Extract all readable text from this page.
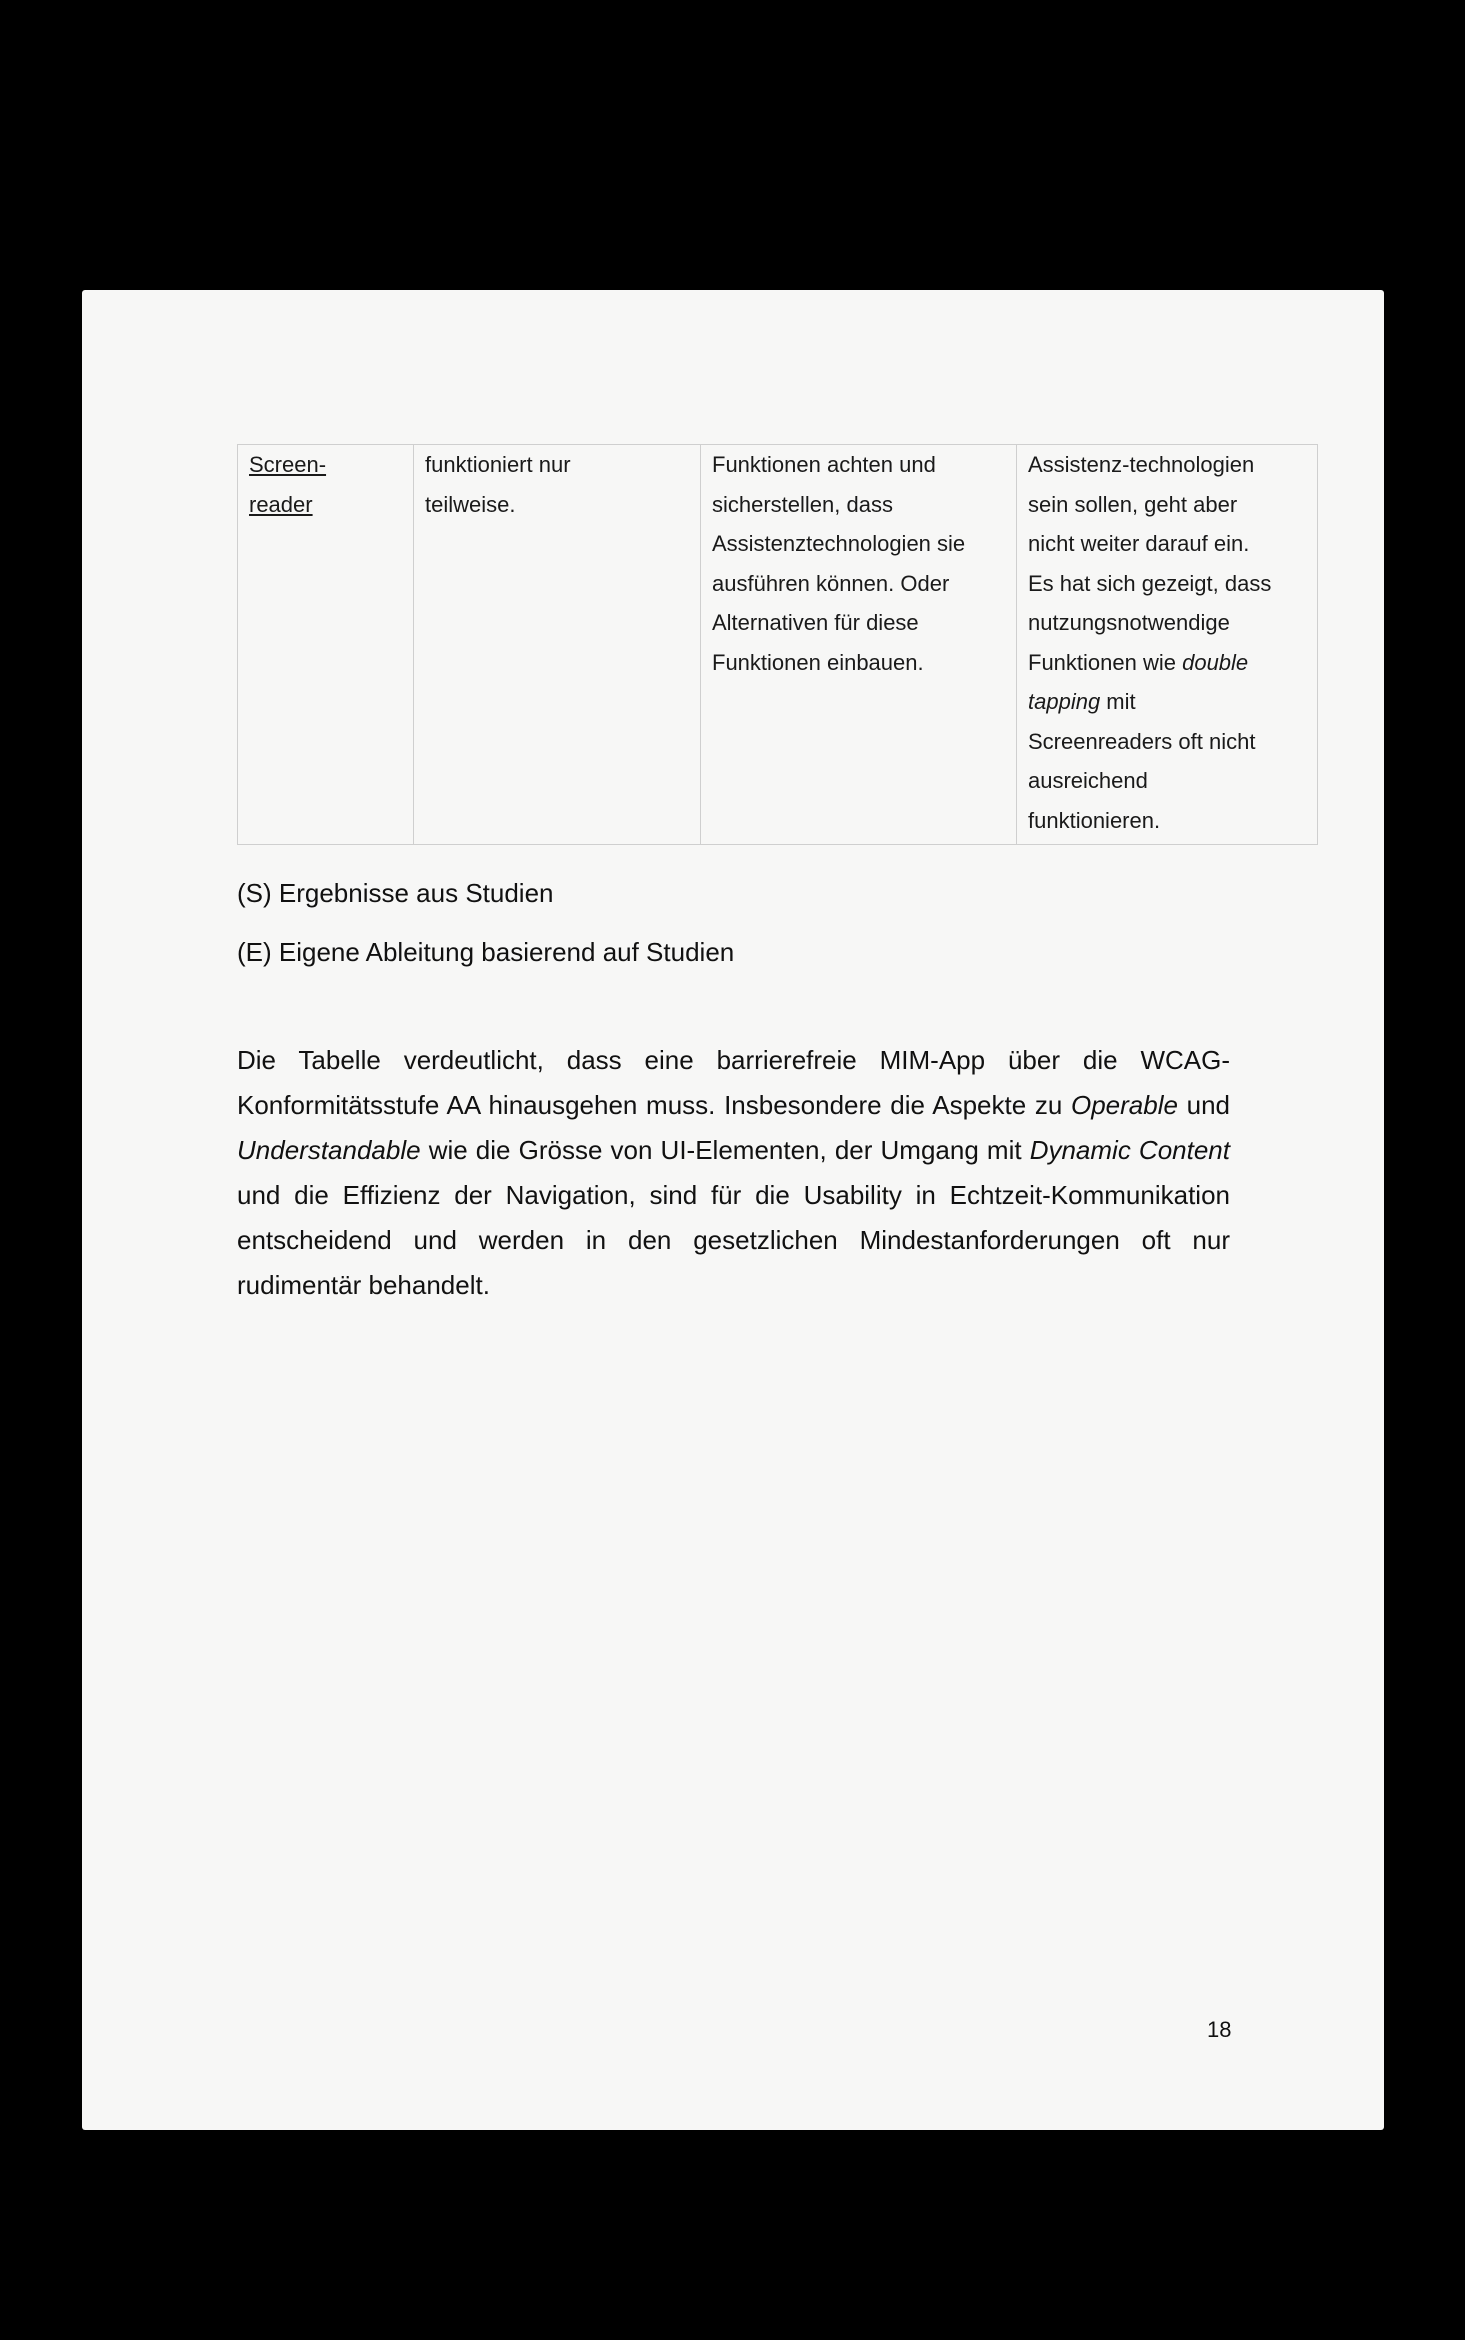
Screen-
reader

funktioniert nur
teilweise.

Funktionen achten und
sicherstellen, dass
Assistenztechnologien sie
ausführen können. Oder
Alternativen für diese
Funktionen einbauen.

Assistenz-technologien
sein sollen, geht aber
nicht weiter darauf ein.
Es hat sich gezeigt, dass
nutzungsnotwendige
Funktionen wie double
tapping mit
Screenreaders oft nicht
ausreichend
funktionieren.
(S) Ergebnisse aus Studien
(E) Eigene Ableitung basierend auf Studien
Die Tabelle verdeutlicht, dass eine barrierefreie MIM-App über die WCAG-
Konformitätsstufe AA hinausgehen muss. Insbesondere die Aspekte zu Operable und
Understandable wie die Grösse von UI-Elementen, der Umgang mit Dynamic Content
und die Effizienz der Navigation, sind für die Usability in Echtzeit-Kommunikation
entscheidend und werden in den gesetzlichen Mindestanforderungen oft nur
rudimentär behandelt.
18
